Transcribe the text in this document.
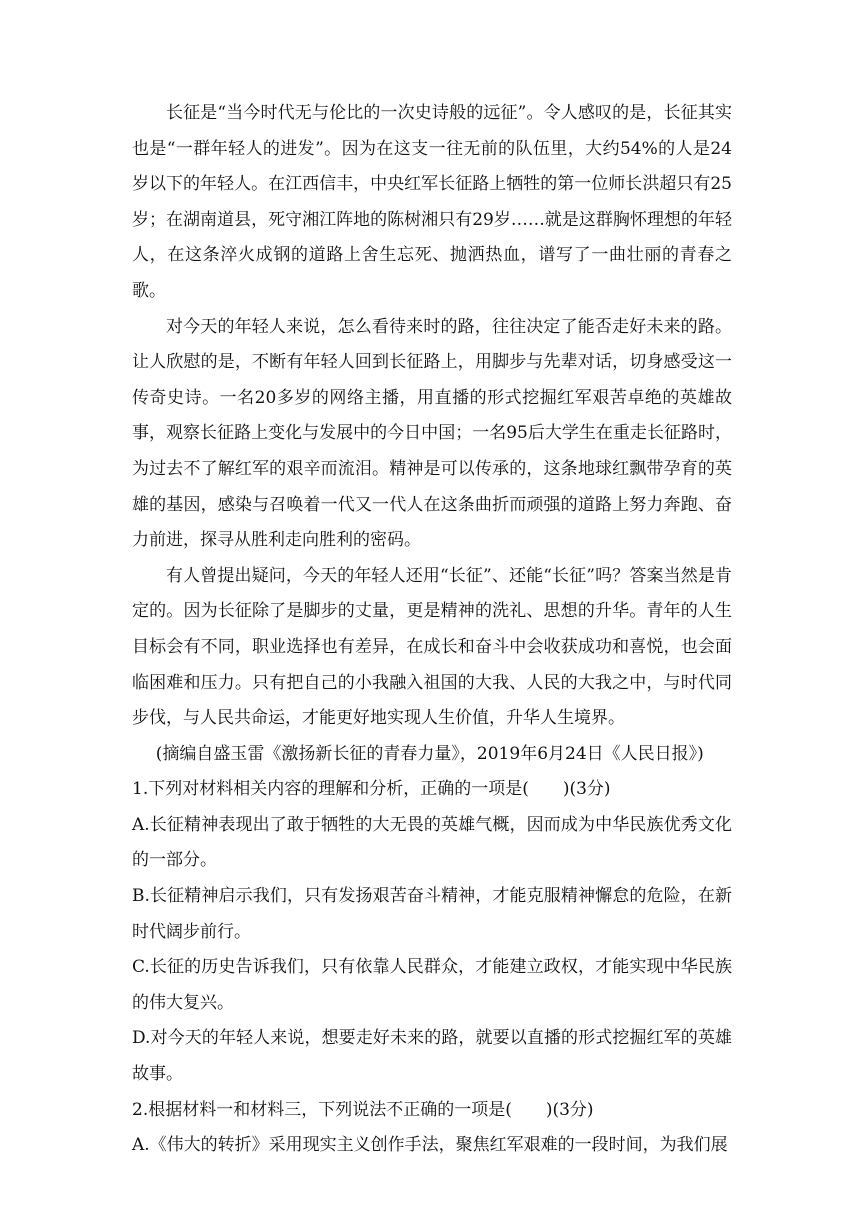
长征是“当今时代无与伦比的一次史诗般的远征”。令人感叹的是，长征其实也是“一群年轻人的进发”。因为在这支一往无前的队伍里，大约54%的人是24岁以下的年轻人。在江西信丰，中央红军长征路上牺牲的第一位师长洪超只有25岁；在湖南道县，死守湘江阵地的陈树湘只有29岁……就是这群胸怀理想的年轻人，在这条淬火成钢的道路上舍生忘死、抛洒热血，谱写了一曲壮丽的青春之歌。

对今天的年轻人来说，怎么看待来时的路，往往决定了能否走好未来的路。让人欣慰的是，不断有年轻人回到长征路上，用脚步与先辈对话，切身感受这一传奇史诗。一名20多岁的网络主播，用直播的形式挖掘红军艰苦卓绝的英雄故事，观察长征路上变化与发展中的今日中国；一名95后大学生在重走长征路时，为过去不了解红军的艰辛而流泪。精神是可以传承的，这条地球红飘带孕育的英雄的基因，感染与召唤着一代又一代人在这条曲折而顽强的道路上努力奔跑、奋力前进，探寻从胜利走向胜利的密码。

有人曾提出疑问，今天的年轻人还用“长征”、还能“长征”吗？答案当然是肯定的。因为长征除了是脚步的丈量，更是精神的洗礼、思想的升华。青年的人生目标会有不同，职业选择也有差异，在成长和奋斗中会收获成功和喜悦，也会面临困难和压力。只有把自己的小我融入祖国的大我、人民的大我之中，与时代同步伐，与人民共命运，才能更好地实现人生价值，升华人生境界。

(摘编自盛玉雷《激扬新长征的青春力量》，2019年6月24日《人民日报》)

1.下列对材料相关内容的理解和分析，正确的一项是(　　)(3分)

A.长征精神表现出了敢于牺牲的大无畏的英雄气概，因而成为中华民族优秀文化的一部分。

B.长征精神启示我们，只有发扬艰苦奋斗精神，才能克服精神懈怠的危险，在新时代阔步前行。

C.长征的历史告诉我们，只有依靠人民群众，才能建立政权，才能实现中华民族的伟大复兴。

D.对今天的年轻人来说，想要走好未来的路，就要以直播的形式挖掘红军的英雄故事。

2.根据材料一和材料三，下列说法不正确的一项是(　　)(3分)

A.《伟大的转折》采用现实主义创作手法，聚焦红军艰难的一段时间，为我们展
